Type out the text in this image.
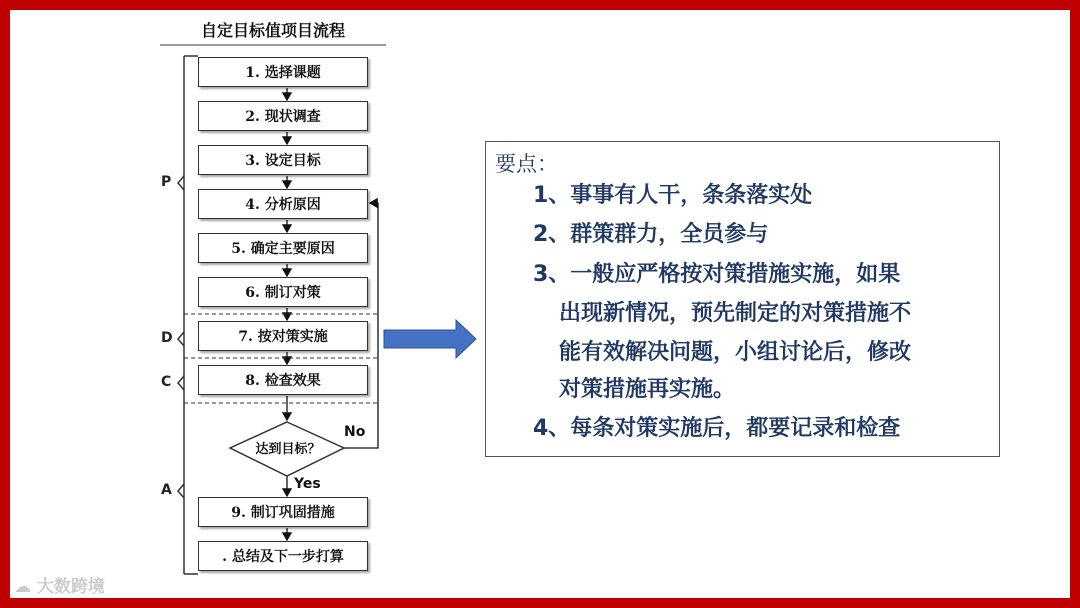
自定目标值项目流程
1. 选择课题
2. 现状调查
3. 设定目标
4. 分析原因
5. 确定主要原因
6. 制订对策
7. 按对策实施
8. 检查效果
9. 制订巩固措施
. 总结及下一步打算
达到目标？
No
Yes
P
D
C
A
要点：
1、事事有人干，条条落实处
2、群策群力，全员参与
3、一般应严格按对策措施实施，如果
出现新情况，预先制定的对策措施不
能有效解决问题，小组讨论后，修改
对策措施再实施。
4、每条对策实施后，都要记录和检查
☁ 大数跨境
